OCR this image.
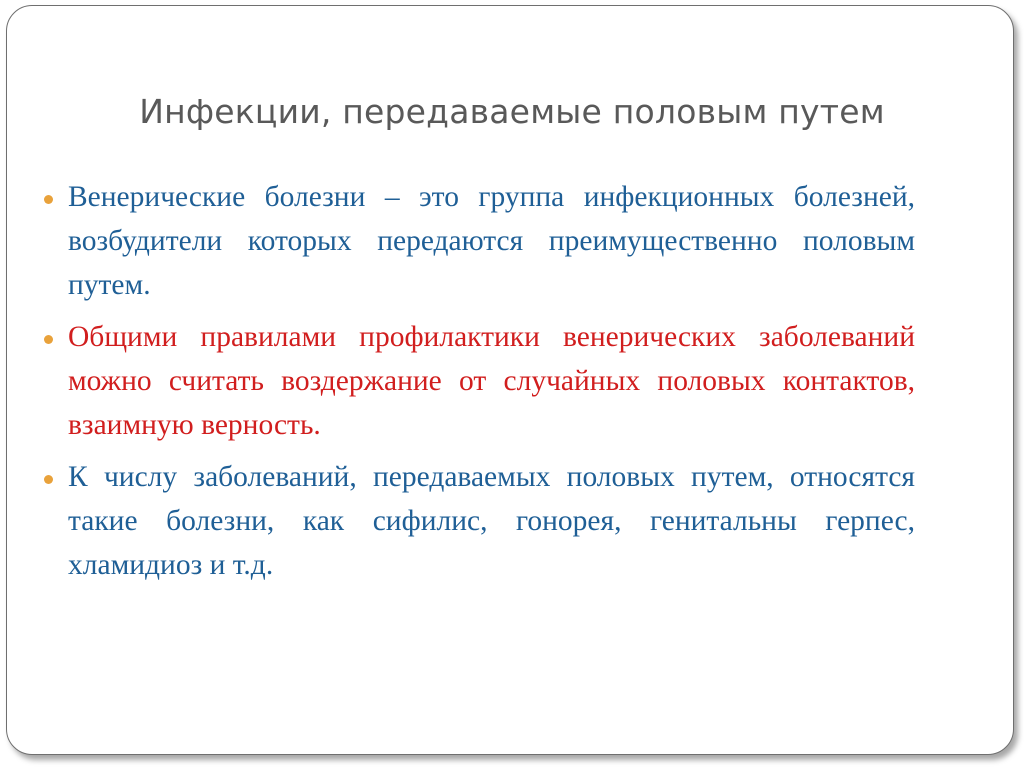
Инфекции, передаваемые половым путем
Венерические болезни – это группа инфекционных болезней, возбудители которых передаются преимущественно половым путем.
Общими правилами профилактики венерических заболеваний можно считать воздержание от случайных половых контактов, взаимную верность.
К числу заболеваний, передаваемых половых путем, относятся такие болезни, как сифилис, гонорея, генитальны герпес, хламидиоз и т.д.
